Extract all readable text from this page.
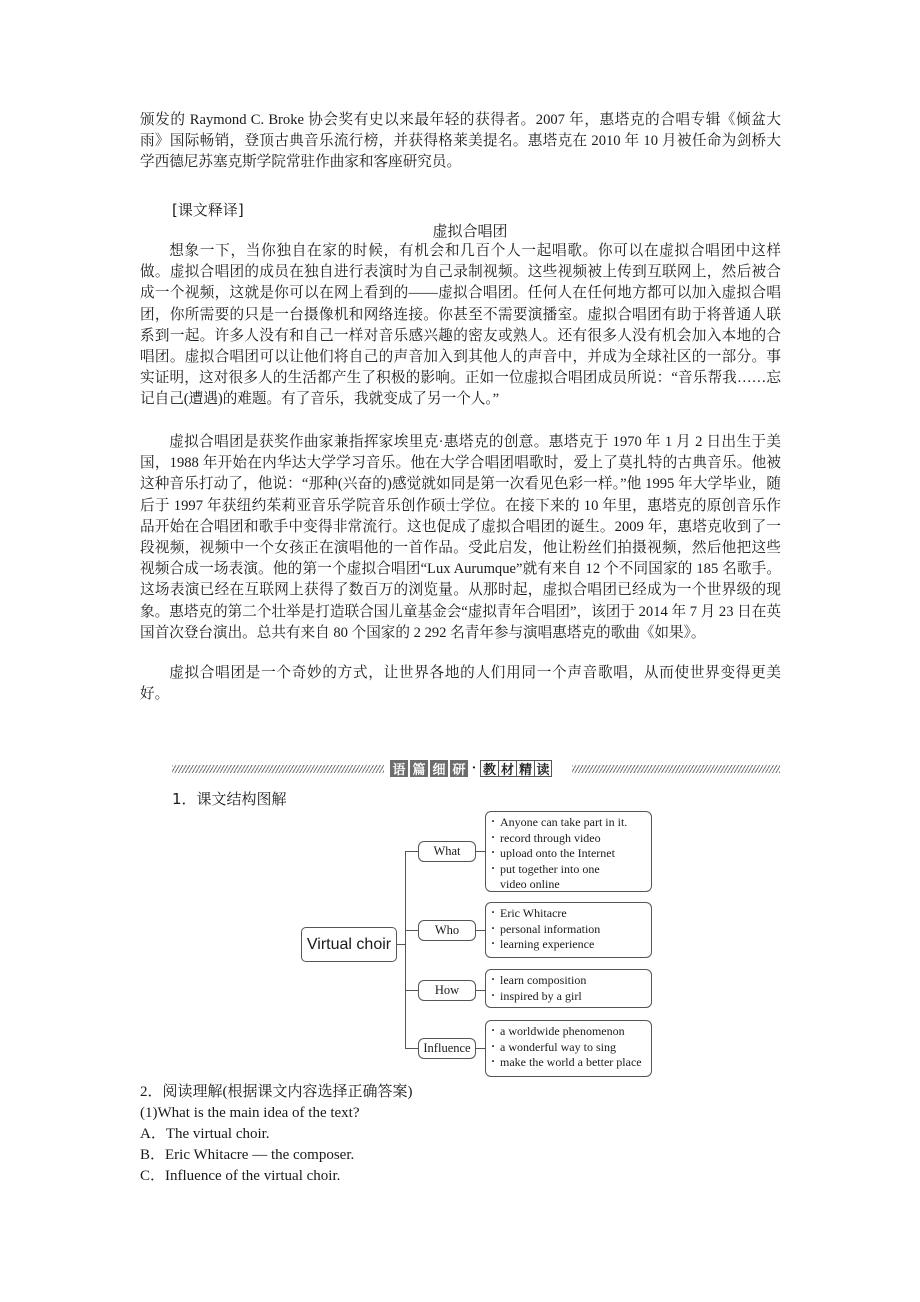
颁发的 Raymond C. Broke 协会奖有史以来最年轻的获得者。2007 年，惠塔克的合唱专辑《倾盆大雨》国际畅销，登顶古典音乐流行榜，并获得格莱美提名。惠塔克在 2010 年 10 月被任命为剑桥大学西德尼苏塞克斯学院常驻作曲家和客座研究员。

[课文释译]
虚拟合唱团

想象一下，当你独自在家的时候，有机会和几百个人一起唱歌。你可以在虚拟合唱团中这样做。虚拟合唱团的成员在独自进行表演时为自己录制视频。这些视频被上传到互联网上，然后被合成一个视频，这就是你可以在网上看到的——虚拟合唱团。任何人在任何地方都可以加入虚拟合唱团，你所需要的只是一台摄像机和网络连接。你甚至不需要演播室。虚拟合唱团有助于将普通人联系到一起。许多人没有和自己一样对音乐感兴趣的密友或熟人。还有很多人没有机会加入本地的合唱团。虚拟合唱团可以让他们将自己的声音加入到其他人的声音中，并成为全球社区的一部分。事实证明，这对很多人的生活都产生了积极的影响。正如一位虚拟合唱团成员所说：“音乐帮我……忘记自己(遭遇)的难题。有了音乐，我就变成了另一个人。”

虚拟合唱团是获奖作曲家兼指挥家埃里克·惠塔克的创意。惠塔克于 1970 年 1 月 2 日出生于美国，1988 年开始在内华达大学学习音乐。他在大学合唱团唱歌时，爱上了莫扎特的古典音乐。他被这种音乐打动了，他说：“那种(兴奋的)感觉就如同是第一次看见色彩一样。”他 1995 年大学毕业，随后于 1997 年获纽约茱莉亚音乐学院音乐创作硕士学位。在接下来的 10 年里，惠塔克的原创音乐作品开始在合唱团和歌手中变得非常流行。这也促成了虚拟合唱团的诞生。2009 年，惠塔克收到了一段视频，视频中一个女孩正在演唱他的一首作品。受此启发，他让粉丝们拍摄视频，然后他把这些视频合成一场表演。他的第一个虚拟合唱团“Lux Aurumque”就有来自 12 个不同国家的 185 名歌手。这场表演已经在互联网上获得了数百万的浏览量。从那时起，虚拟合唱团已经成为一个世界级的现象。惠塔克的第二个壮举是打造联合国儿童基金会“虚拟青年合唱团”，该团于 2014 年 7 月 23 日在英国首次登台演出。总共有来自 80 个国家的 2 292 名青年参与演唱惠塔克的歌曲《如果》。

虚拟合唱团是一个奇妙的方式，让世界各地的人们用同一个声音歌唱，从而使世界变得更美好。

语 篇 细 研 · 教 材 精 读
1．课文结构图解
Virtual choir
What
Who
How
Influence
· Anyone can take part in it.
· record through video
· upload onto the Internet
· put together into one
video online
· Eric Whitacre
· personal information
· learning experience
· learn composition
· inspired by a girl
· a worldwide phenomenon
· a wonderful way to sing
· make the world a better place
2．阅读理解(根据课文内容选择正确答案)
(1)What is the main idea of the text?
A．The virtual choir.
B．Eric Whitacre — the composer.
C．Influence of the virtual choir.
